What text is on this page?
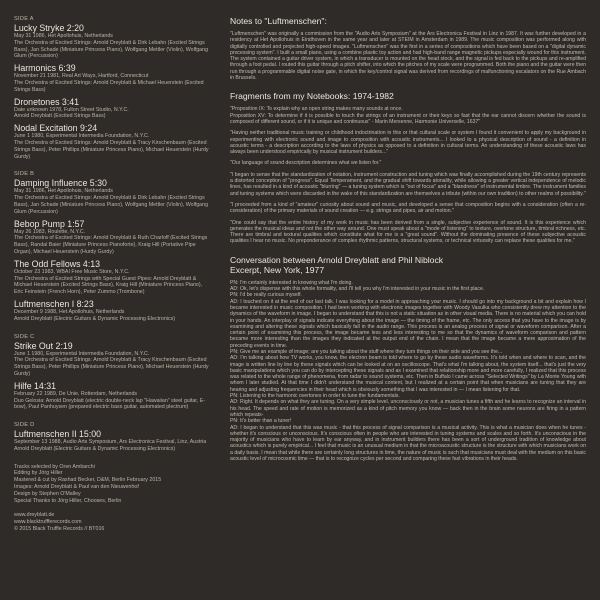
SIDE A
Lucky Stryke 2:20
May 31 1986, Het Apollohuis, Netherlands
The Orchestra of Excited Strings: Arnold Dreyblatt & Dirk Lebahn (Excited Strings Bass), Jan Schade (Miniature Princess Piano), Wolfgang Mettler (Violin), Wolfgang Glum (Percussion)
Harmonics 6:39
November 21 1981, Real Art Ways, Hartford, Connecticut
The Orchestra of Excited Strings: Arnold Dreyblatt & Michael Heuerstein (Excited Strings Bass)
Dronetones 3:41
Date unknown 1978, Fulton Street Studio, N.Y.C.
Arnold Dreyblatt (Excited Strings Bass)
Nodal Excitation 9:24
June 1 1980, Experimental Intermedia Foundation, N.Y.C.
The Orchestra of Excited Strings: Arnold Dreyblatt & Tracy Kirschenbaum (Excited Strings Bass), Peter Phillips (Miniature Princess Piano), Michael Heuerstein (Hurdy Gurdy)
SIDE B
Damping Influence 5:30
May 31 1986, Het Apollohuis, Netherlands
The Orchestra of Excited Strings: Arnold Dreyblatt & Dirk Lebahn (Excited Strings Bass), Jan Schade (Miniature Princess Piano), Wolfgang Mettler (Violin), Wolfgang Glum (Percussion)
Bebop Pump 1:57
May 26 1983, Roulette, N.Y.C.
The Orchestra of Excited Strings: Arnold Dreyblatt & Ruth Charloff (Excited Strings Bass), Randal Baier (Miniature Princess Pianoforte), Kraig Hill (Portative Pipe Organ), Michael Heuerstein (Hurdy Gurdy)
The Odd Fellows 4:13
October 23 1983, WBAI Free Music Store, N.Y.C.
The Orchestra of Excited Strings with Special Guest Pipes: Arnold Dreyblatt & Michael Heuerstein (Excited Strings Bass), Kraig Hill (Miniature Princess Piano), Eric Feinstein (French Horn), Peter Zummo (Trombone)
Luftmenschen I 8:23
December 9 1988, Het Apollohuis, Netherlands
Arnold Dreyblatt (Electric Guitars & Dynamic Processing Electronics)
SIDE C
Strike Out 2:19
June 1 1980, Experimental Intermedia Foundation, N.Y.C.
The Orchestra of Excited Strings: Arnold Dreyblatt & Tracy Kirschenbaum (Excited Strings Bass), Peter Phillips (Miniature Princess Piano), Michael Heuerstein (Hurdy Gurdy)
Hilfe 14:31
February 22 1989, De Unie, Rotterdam, Netherlands
Duo Gelosia: Arnold Dreyblatt (electric double-neck lap "Hawaiian" steel guitar, E-bow), Paul Panhuysen (prepared electric bass guitar, automated plectrum)
SIDE D
Luftmenschen II 15:00
September 13 1988, Audio Arts Symposium, Ars Electronica Festival, Linz, Austria
Arnold Dreyblatt (Electric Guitars & Dynamic Processing Electronics)

Tracks selected by Oren Ambarchi

Editing by Jörg Hiller

Mastered & cut by Rashad Becker, D&M, Berlin February 2015

Images: Arnold Dreyblatt & Paul van den Nieuwenhof

Design by Stephen O'Malley

Special Thanks to Jörg Hiller, Chooses, Berlin

www.dreyblatt.de

www.blacktruffferecords.com

© 2015 Black Truffle Records // BT016

Notes to "Luftmenschen":

"Luftmenschen" was originally a commission from the "Audio Arts Symposium" at the Ars Electronica Festival in Linz in 1987. It was further developed in a residency at Het Apollohuis in Eindhoven in the same year and later at STEIM in Amsterdam in 1989. The music composition was performed along with digitally controlled and projected high-speed images. "Luftmenschen" was the first in a series of compositions which have been based on a "digital dynamic processing system". I built a small piano, using a combine plastic toy action and had high-band range magnetic pickups especially wound for this instrument. The system contained a guitar driver system, in which a transducer is mounted on the head stock, and the signal is fed back to the pickups and re-amplified through a foot pedal. I routed this guitar through a pitch shifter, into which the pitches of my scale were programmed. Both the piano and the guitar were then run through a programmable digital noise gate, in which the key/control signal was derived from recordings of malfunctioning escalators on the Rue Ambach in Brussels.

Fragments from my Notebooks: 1974-1982

"Proposition IX: To explain why an open string makes many sounds at once.
Proposition XV: To determine if it is possible to touch the strings of an instrument or their keys so fast that the ear cannot discern whether the sound is composed of different sound, or if it is unique and continuous" - Marin Mersenne, Harmonie Universelle, 1637"

"Having neither traditional music training or childhood indoctrination in this or that cultural scale or system I found it convenient to apply my background in experimenting with electronic sound and image to composition with acoustic instruments... I looked to a physical description of sound - a definition in acoustic terms - a description according to the laws of physics as opposed to a definition in cultural terms. An understanding of these acoustic laws has always been understood empirically by musical instrument builders..."

"Our language of sound description determines what we listen for."

"I began to sense that the standardization of notation, instrument construction and tuning which was finally accomplished during the 19th century represents a distorted conception of "progress". Equal Temperament, and the gradual shift towards atonality, while allowing a greater vertical independence of melodic lines, has resulted in a kind of acoustic "blurring" — a tuning system which is "out of focus" and a "blandness" of instrumental timbre. The instrument families and tuning systems which were discarded in the wake of this standardization are themselves a tribute (within our own tradition) to other realms of possibility."

"I proceeded from a kind of "amateur" curiosity about sound and music, and developed a sense that composition begins with a consideration (often a re-consideration) of the primary materials of sound creation — e.g. strings and pipes, air and motion."

"One could say that the entire history of my work in music has been derived from a single, subjective experience of sound. It is this experience which generates the musical ideas and not the other way around. One must speak about a "mode of listening" to texture, overtone structure, timbral richness, etc. There are timbral and textural qualities which constitute what for me is a "great sound". Without the dominating presence of these subjective acoustic qualities I hear no music. No preponderance of complex rhythmic patterns, structural systems, or technical virtuosity can replace these qualities for me."

Conversation between Arnold Dreyblatt and Phil Niblock
Excerpt, New York, 1977

PN: I'm certainly interested in knowing what I'm doing.

AD: Ok, let's dispense with this whole formality, and I'll tell you why I'm interested in your music in the first place.

PN: I'd be really curious myself.

AD: I touched on it at the end of our last talk. I was looking for a model in approaching your music. I should go into my background a bit and explain how I became interested in music composition. I had been working with electronic images together with Woody Vasulka who consistently drew my attention to the dynamics of the waveform in image. I began to understand that this is not a static situation as in other visual media. There is no material which you can hold in your hands. An interplay of signals indicate everything about the image — the timing of the frame, etc. The only access that you have to the image is by examining and altering these signals which basically fall in the audio range. This process is an analog process of signal or waveform comparison. After a certain point of examining this process, the image became less and less interesting to me so that the dynamics of waveform comparison and pattern became more interesting than the images they indicated at the output end of the chain. I mean that the image became a mere approximation of the preceding events in time.

PN: Give me an example of image; are you talking about the stuff where they turn things on their side and you see the...

AD: I'm talking about how TV works, you know, the electron beam is told where to go by these audio waveforms. It's told when and where to scan, and the image is written line by line by these signals which can be looked at on an oscilloscope. That's what I'm talking about, the system itself... that's just the very basic manipulations which you can do by intercepting these signals and as I examined that relationship more and more carefully, I realized that this process was related to the whole range of phenomena, from radar to sound systems, etc. Then in Buffalo I came across "Selected Writings" by La Monte Young with whom I later studied. At that time I didn't understand the musical content, but I realized at a certain point that when musicians are tuning that they are hearing and adjusting frequencies in their head which is obviously something that I was interested in — I mean listening for that.

PN: Listening to the harmonic overtones in order to tune the fundamentals.

AD: Right. It depends on what they are tuning. On a very simple level, unconsciously or not, a musician tunes a fifth and he learns to recognize an interval in his head. The speed and rate of motion is memorized as a kind of pitch memory you know — back then in the brain some neurons are firing in a pattern which repeats-

PN: It's better than a tuner!

AD: I began to understand that this was music - that this process of signal comparison is a musical activity. This is what a musician does when he tunes - whether it's conscious or unconscious. It's conscious often in people who are interested in tuning systems and scales and so forth. It's unconscious in the majority of musicians who have to learn by ear anyway, and in instrument builders there has been a sort of underground tradition of knowledge about acoustics which is purely empirical... I feel that music is an unusual medium in that the microacoustic structure is the structure with which musicians work on a daily basis. I mean that while there are certainly long structures in time, the nature of music is such that musicians must deal with the medium on this basic acoustic level of microcosmic time — that is to recognize cycles per second and comparing these fast vibrations in their heads.
